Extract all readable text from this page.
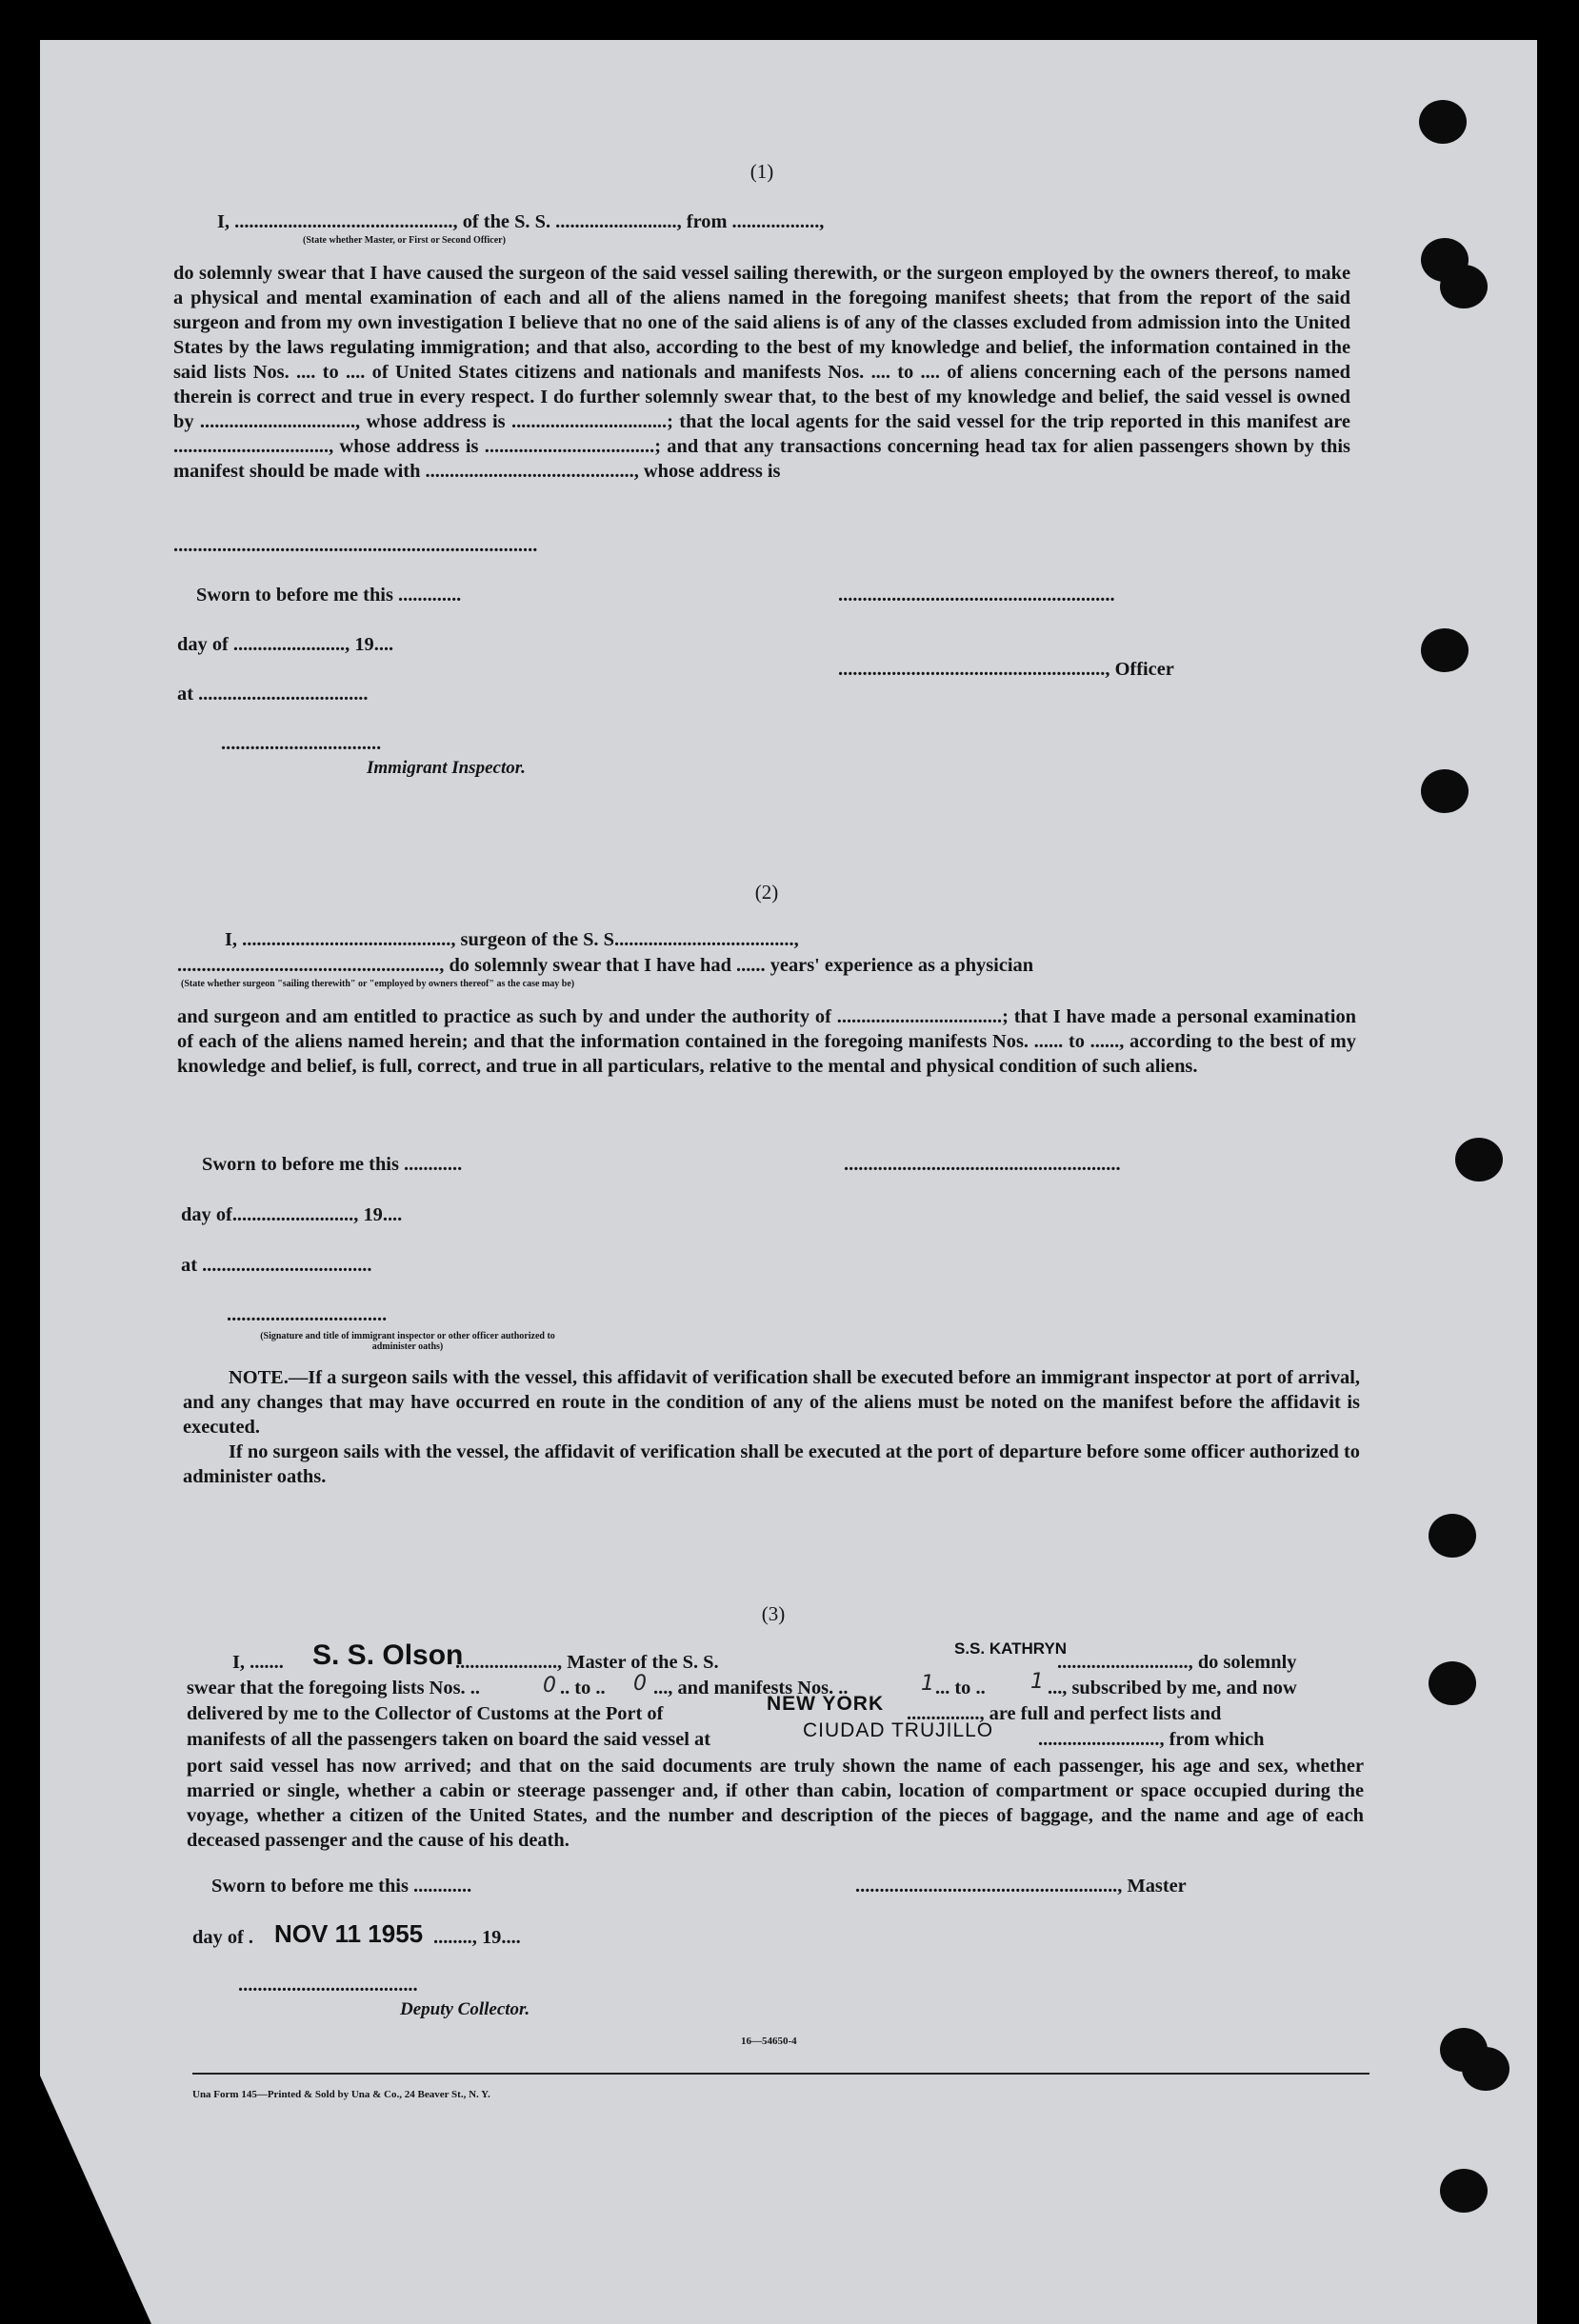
(1)
I, ............................................., of the S. S. ........................., from ..................,
(State whether Master, or First or Second Officer)
do solemnly swear that I have caused the surgeon of the said vessel sailing therewith, or the surgeon employed by the owners thereof, to make a physical and mental examination of each and all of the aliens named in the foregoing manifest sheets; that from the report of the said surgeon and from my own investigation I believe that no one of the said aliens is of any of the classes excluded from admission into the United States by the laws regulating immigration; and that also, according to the best of my knowledge and belief, the information contained in the said lists Nos. .... to .... of United States citizens and nationals and manifests Nos. .... to .... of aliens concerning each of the persons named therein is correct and true in every respect. I do further solemnly swear that, to the best of my knowledge and belief, the said vessel is owned by ................................, whose address is ................................; that the local agents for the said vessel for the trip reported in this manifest are ................................, whose address is ...................................; and that any transactions concerning head tax for alien passengers shown by this manifest should be made with ..........................................., whose address is
...........................................................................
Sworn to before me this .............	.........................................................
day of ......................., 19....
......................................................., Officer
at ...................................
.................................
Immigrant Inspector.
(2)
I, ..........................................., surgeon of the S. S.....................................,
......................................................, do solemnly swear that I have had ...... years' experience as a physician
(State whether surgeon "sailing therewith" or "employed by owners thereof" as the case may be)
and surgeon and am entitled to practice as such by and under the authority of ..................................; that I have made a personal examination of each of the aliens named herein; and that the information contained in the foregoing manifests Nos. ...... to ......, according to the best of my knowledge and belief, is full, correct, and true in all particulars, relative to the mental and physical condition of such aliens.
Sworn to before me this ............	.........................................................
day of........................., 19....
at ...................................
.................................
(Signature and title of immigrant inspector or other officer authorized to administer oaths)
NOTE.—If a surgeon sails with the vessel, this affidavit of verification shall be executed before an immigrant inspector at port of arrival, and any changes that may have occurred en route in the condition of any of the aliens must be noted on the manifest before the affidavit is executed.
If no surgeon sails with the vessel, the affidavit of verification shall be executed at the port of departure before some officer authorized to administer oaths.
(3)
I, ....... S. S. Olson
....................., Master of the S. S.
S.S. KATHRYN
..........................., do solemnly
swear that the foregoing lists Nos. ..	0 .. to .. 0 ..., and manifests Nos. ..	1 ... to .. 1 ..., subscribed by me, and now
delivered by me to the Collector of Customs at the Port of	NEW YORK ..............., are full and perfect lists and
manifests of all the passengers taken on board the said vessel at	CIUDAD TRUJILLO ........................., from which
port said vessel has now arrived; and that on the said documents are truly shown the name of each passenger, his age and sex, whether married or single, whether a cabin or steerage passenger and, if other than cabin, location of compartment or space occupied during the voyage, whether a citizen of the United States, and the number and description of the pieces of baggage, and the name and age of each deceased passenger and the cause of his death.
Sworn to before me this ............	......................................................, Master
day of . NOV 11 1955 ........, 19....
.....................................
Deputy Collector.
16—54650-4
Una Form 145—Printed & Sold by Una & Co., 24 Beaver St., N. Y.
